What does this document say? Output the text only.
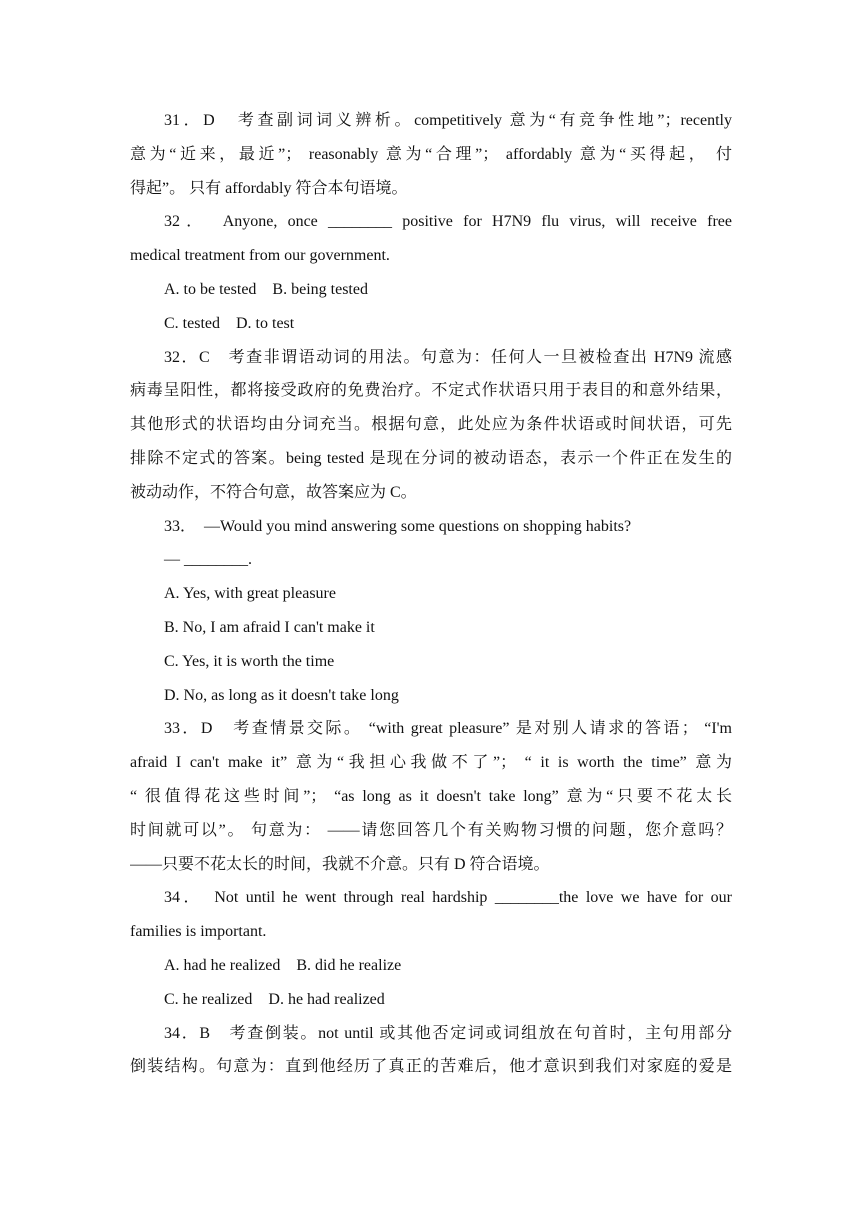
31．D　考查副词词义辨析。competitively 意为“有竞争性地”；recently
意为“近来，最近”； reasonably 意为“合理”； affordably 意为“买得起， 付
得起”。 只有 affordably 符合本句语境。
32．　Anyone, once ________ positive for H7N9 flu virus, will receive free
medical treatment from our government.
A. to be tested　B. being tested
C. tested　D. to test
32．C　考查非谓语动词的用法。句意为：任何人一旦被检查出 H7N9 流感
病毒呈阳性，都将接受政府的免费治疗。不定式作状语只用于表目的和意外结果，
其他形式的状语均由分词充当。根据句意，此处应为条件状语或时间状语，可先
排除不定式的答案。being tested 是现在分词的被动语态，表示一个件正在发生的
被动动作，不符合句意，故答案应为 C。
33．　—Would you mind answering some questions on shopping habits?
— ________.
A. Yes, with great pleasure
B. No, I am afraid I can't make it
C. Yes, it is worth the time
D. No, as long as it doesn't take long
33．D　考查情景交际。 “with great pleasure” 是对别人请求的答语； “I'm
afraid I can't make it” 意为“我担心我做不了”； “ it is worth the time” 意为
“ 很值得花这些时间”； “as long as it doesn't take long” 意为“只要不花太长
时间就可以”。 句意为： ——请您回答几个有关购物习惯的问题，您介意吗？
——只要不花太长的时间，我就不介意。只有 D 符合语境。
34．　Not until he went through real hardship ________the love we have for our
families is important.
A. had he realized　B. did he realize
C. he realized　D. he had realized
34．B　考查倒装。not until 或其他否定词或词组放在句首时，主句用部分
倒装结构。句意为：直到他经历了真正的苦难后，他才意识到我们对家庭的爱是
